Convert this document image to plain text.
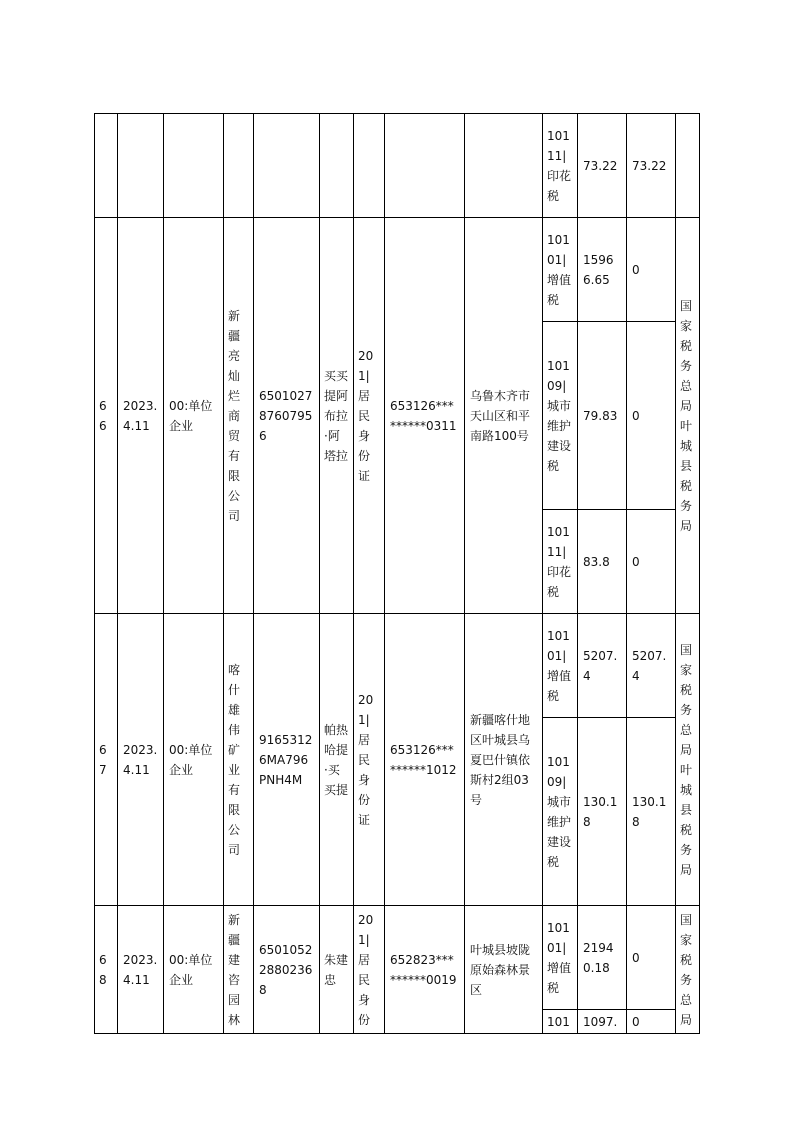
									10111|印花税	73.22	73.22	
66	2023.4.11	00:单位企业	新疆亮灿烂商贸有限公司	65010278760795 6	买买提阿布拉·阿塔拉	201|居民身份证	653126*********0311	乌鲁木齐市天山区和平南路100号	10101|增值税	15966.65	0	国家税务总局叶城县税务局
									10109|城市维护建设税	79.83	0	
									10111|印花税	83.8	0	
67	2023.4.11	00:单位企业	喀什雄伟矿业有限公司	91653126MA796PNH4M	帕热哈提·买买提	201|居民身份证	653126*********1012	新疆喀什地区叶城县乌夏巴什镇依斯村2组03号	10101|增值税	5207.4	5207.4	国家税务总局叶城县税务局
									10109|城市维护建设税	130.18	130.18	
68	2023.4.11	00:单位企业	新疆建咨园林	65010522880236 8	朱建忠	201|居民身份	652823*********0019	叶城县坡陇原始森林景区	10101|增值税	21940.18	0	国家税务总局
									101	1097.	0	
